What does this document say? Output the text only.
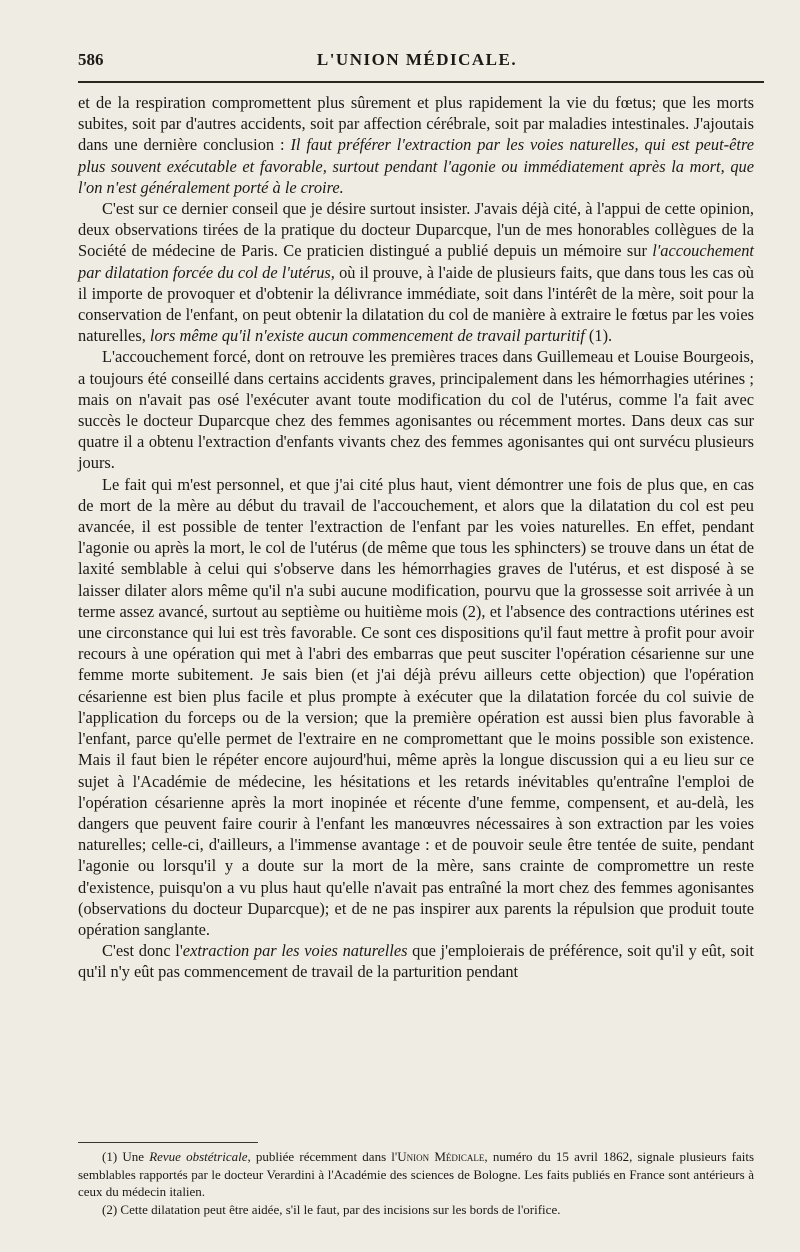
586	L'UNION MÉDICALE.

et de la respiration compromettent plus sûrement et plus rapidement la vie du fœtus; que les morts subites, soit par d'autres accidents, soit par affection cérébrale, soit par maladies intestinales. J'ajoutais dans une dernière conclusion : Il faut préférer l'extraction par les voies naturelles, qui est peut-être plus souvent exécutable et favorable, surtout pendant l'agonie ou immédiatement après la mort, que l'on n'est généralement porté à le croire.

C'est sur ce dernier conseil que je désire surtout insister. J'avais déjà cité, à l'appui de cette opinion, deux observations tirées de la pratique du docteur Duparcque, l'un de mes honorables collègues de la Société de médecine de Paris. Ce praticien distingué a publié depuis un mémoire sur l'accouchement par dilatation forcée du col de l'utérus, où il prouve, à l'aide de plusieurs faits, que dans tous les cas où il importe de provoquer et d'obtenir la délivrance immédiate, soit dans l'intérêt de la mère, soit pour la conservation de l'enfant, on peut obtenir la dilatation du col de manière à extraire le fœtus par les voies naturelles, lors même qu'il n'existe aucun commencement de travail parturitif (1).

L'accouchement forcé, dont on retrouve les premières traces dans Guillemeau et Louise Bourgeois, a toujours été conseillé dans certains accidents graves, principalement dans les hémorrhagies utérines ; mais on n'avait pas osé l'exécuter avant toute modification du col de l'utérus, comme l'a fait avec succès le docteur Duparcque chez des femmes agonisantes ou récemment mortes. Dans deux cas sur quatre il a obtenu l'extraction d'enfants vivants chez des femmes agonisantes qui ont survécu plusieurs jours.

Le fait qui m'est personnel, et que j'ai cité plus haut, vient démontrer une fois de plus que, en cas de mort de la mère au début du travail de l'accouchement, et alors que la dilatation du col est peu avancée, il est possible de tenter l'extraction de l'enfant par les voies naturelles. En effet, pendant l'agonie ou après la mort, le col de l'utérus (de même que tous les sphincters) se trouve dans un état de laxité semblable à celui qui s'observe dans les hémorrhagies graves de l'utérus, et est disposé à se laisser dilater alors même qu'il n'a subi aucune modification, pourvu que la grossesse soit arrivée à un terme assez avancé, surtout au septième ou huitième mois (2), et l'absence des contractions utérines est une circonstance qui lui est très favorable. Ce sont ces dispositions qu'il faut mettre à profit pour avoir recours à une opération qui met à l'abri des embarras que peut susciter l'opération césarienne sur une femme morte subitement. Je sais bien (et j'ai déjà prévu ailleurs cette objection) que l'opération césarienne est bien plus facile et plus prompte à exécuter que la dilatation forcée du col suivie de l'application du forceps ou de la version; que la première opération est aussi bien plus favorable à l'enfant, parce qu'elle permet de l'extraire en ne compromettant que le moins possible son existence. Mais il faut bien le répéter encore aujourd'hui, même après la longue discussion qui a eu lieu sur ce sujet à l'Académie de médecine, les hésitations et les retards inévitables qu'entraîne l'emploi de l'opération césarienne après la mort inopinée et récente d'une femme, compensent, et au-delà, les dangers que peuvent faire courir à l'enfant les manœuvres nécessaires à son extraction par les voies naturelles; celle-ci, d'ailleurs, a l'immense avantage : et de pouvoir seule être tentée de suite, pendant l'agonie ou lorsqu'il y a doute sur la mort de la mère, sans crainte de compromettre un reste d'existence, puisqu'on a vu plus haut qu'elle n'avait pas entraîné la mort chez des femmes agonisantes (observations du docteur Duparcque); et de ne pas inspirer aux parents la répulsion que produit toute opération sanglante.

C'est donc l'extraction par les voies naturelles que j'emploierais de préférence, soit qu'il y eût, soit qu'il n'y eût pas commencement de travail de la parturition pendant

(1) Une Revue obstétricale, publiée récemment dans l'Union Médicale, numéro du 15 avril 1862, signale plusieurs faits semblables rapportés par le docteur Verardini à l'Académie des sciences de Bologne. Les faits publiés en France sont antérieurs à ceux du médecin italien.

(2) Cette dilatation peut être aidée, s'il le faut, par des incisions sur les bords de l'orifice.
